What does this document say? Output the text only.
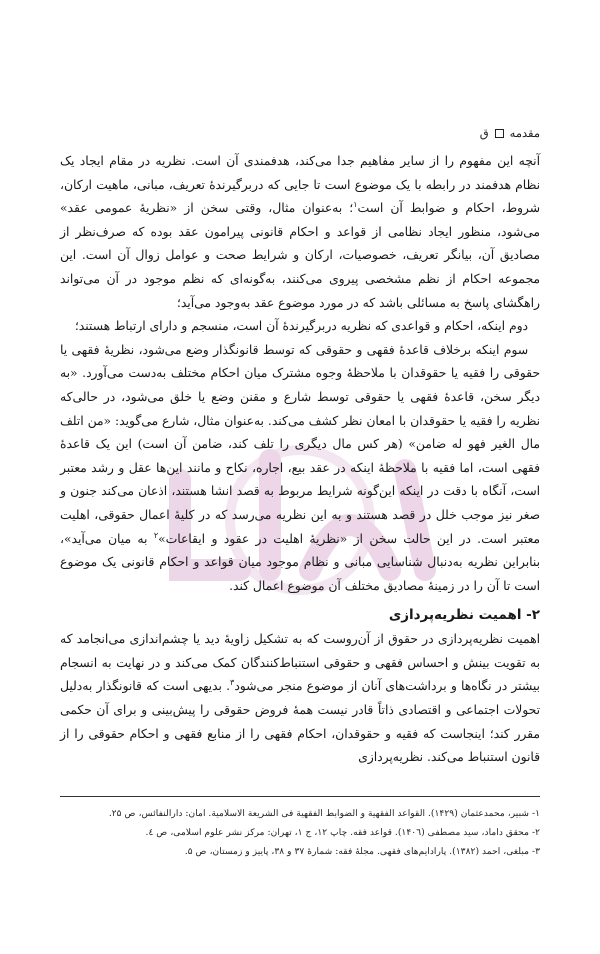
مقدمه
ق

آنچه این مفهوم را از سایر مفاهیم جدا می‌کند، هدفمندی آن است. نظریه در مقام ایجاد یک نظام هدفمند در رابطه با یک موضوع است تا جایی که دربرگیرندهٔ تعریف، مبانی، ماهیت ارکان، شروط، احکام و ضوابط آن است$^۱$؛ به‌عنوان مثال، وقتی سخن از «نظریهٔ عمومی عقد» می‌شود، منظور ایجاد نظامی از قواعد و احکام قانونی پیرامون عقد بوده که صرف‌نظر از مصادیق آن، بیانگر تعریف، خصوصیات، ارکان و شرایط صحت و عوامل زوال آن است. این مجموعه احکام از نظم مشخصی پیروی می‌کنند، به‌گونه‌ای که نظم موجود در آن می‌تواند راهگشای پاسخ به مسائلی باشد که در مورد موضوع عقد به‌وجود می‌آید؛

دوم اینکه، احکام و قواعدی که نظریه دربرگیرندهٔ آن است، منسجم و دارای ارتباط هستند؛

سوم اینکه برخلاف قاعدهٔ فقهی و حقوقی که توسط قانونگذار وضع می‌شود، نظریهٔ فقهی یا حقوقی را فقیه یا حقوقدان با ملاحظهٔ وجوه مشترک میان احکام مختلف به‌دست می‌آورد. «به دیگر سخن، قاعدهٔ فقهی یا حقوقی توسط شارع و مقنن وضع یا خلق می‌شود، در حالی‌که نظریه را فقیه یا حقوقدان با امعان نظر کشف می‌کند. به‌عنوان مثال، شارع می‌گوید: «من اتلف مال الغیر فهو له ضامن» (هر کس مال دیگری را تلف کند، ضامن آن است) این یک قاعدهٔ فقهی است، اما فقیه با ملاحظهٔ اینکه در عقد بیع، اجاره، نکاح و مانند این‌ها عقل و رشد معتبر است، آنگاه با دقت در اینکه این‌گونه شرایط مربوط به قصد انشا هستند، اذعان می‌کند جنون و صغر نیز موجب خلل در قصد هستند و به این نظریه می‌رسد که در کلیهٔ اعمال حقوقی، اهلیت معتبر است. در این حالت سخن از «نظریهٔ اهلیت در عقود و ایقاعات»$^۲$ به میان می‌آید»، بنابراین نظریه به‌دنبال شناسایی مبانی و نظام موجود میان قواعد و احکام قانونی یک موضوع است تا آن را در زمینهٔ مصادیق مختلف آن موضوع اعمال کند.

۲- اهمیت نظریه‌پردازی

اهمیت نظریه‌پردازی در حقوق از آن‌روست که به تشکیل زاویهٔ دید یا چشم‌اندازی می‌انجامد که به تقویت بینش و احساس فقهی و حقوقی استنباط‌کنندگان کمک می‌کند و در نهایت به انسجام بیشتر در نگاه‌ها و برداشت‌های آنان از موضوع منجر می‌شود$^۳$. بدیهی است که قانونگذار به‌دلیل تحولات اجتماعی و اقتصادی ذاتاً قادر نیست همهٔ فروض حقوقی را پیش‌بینی و برای آن حکمی مقرر کند؛ اینجاست که فقیه و حقوقدان، احکام فقهی را از منابع فقهی و احکام حقوقی را از قانون استنباط می‌کند. نظریه‌پردازی

۱- شبیر، محمدعثمان (۱۴۲۹). القواعد الفقهیة و الضوابط الفقهیة فی الشریعة الاسلامیة. امان: دارالنفائس، ص ۲۵.
۲- محقق داماد، سید مصطفی (۱۴۰٦). قواعد فقه. چاپ ۱۲، ج ۱، تهران: مرکز نشر علوم اسلامی، ص ٤.
۳- مبلغی، احمد (۱۳۸۲). پارادایم‌های فقهی. مجلهٔ فقه: شمارهٔ ۳۷ و ۳۸، پاییز و زمستان، ص ۵.
